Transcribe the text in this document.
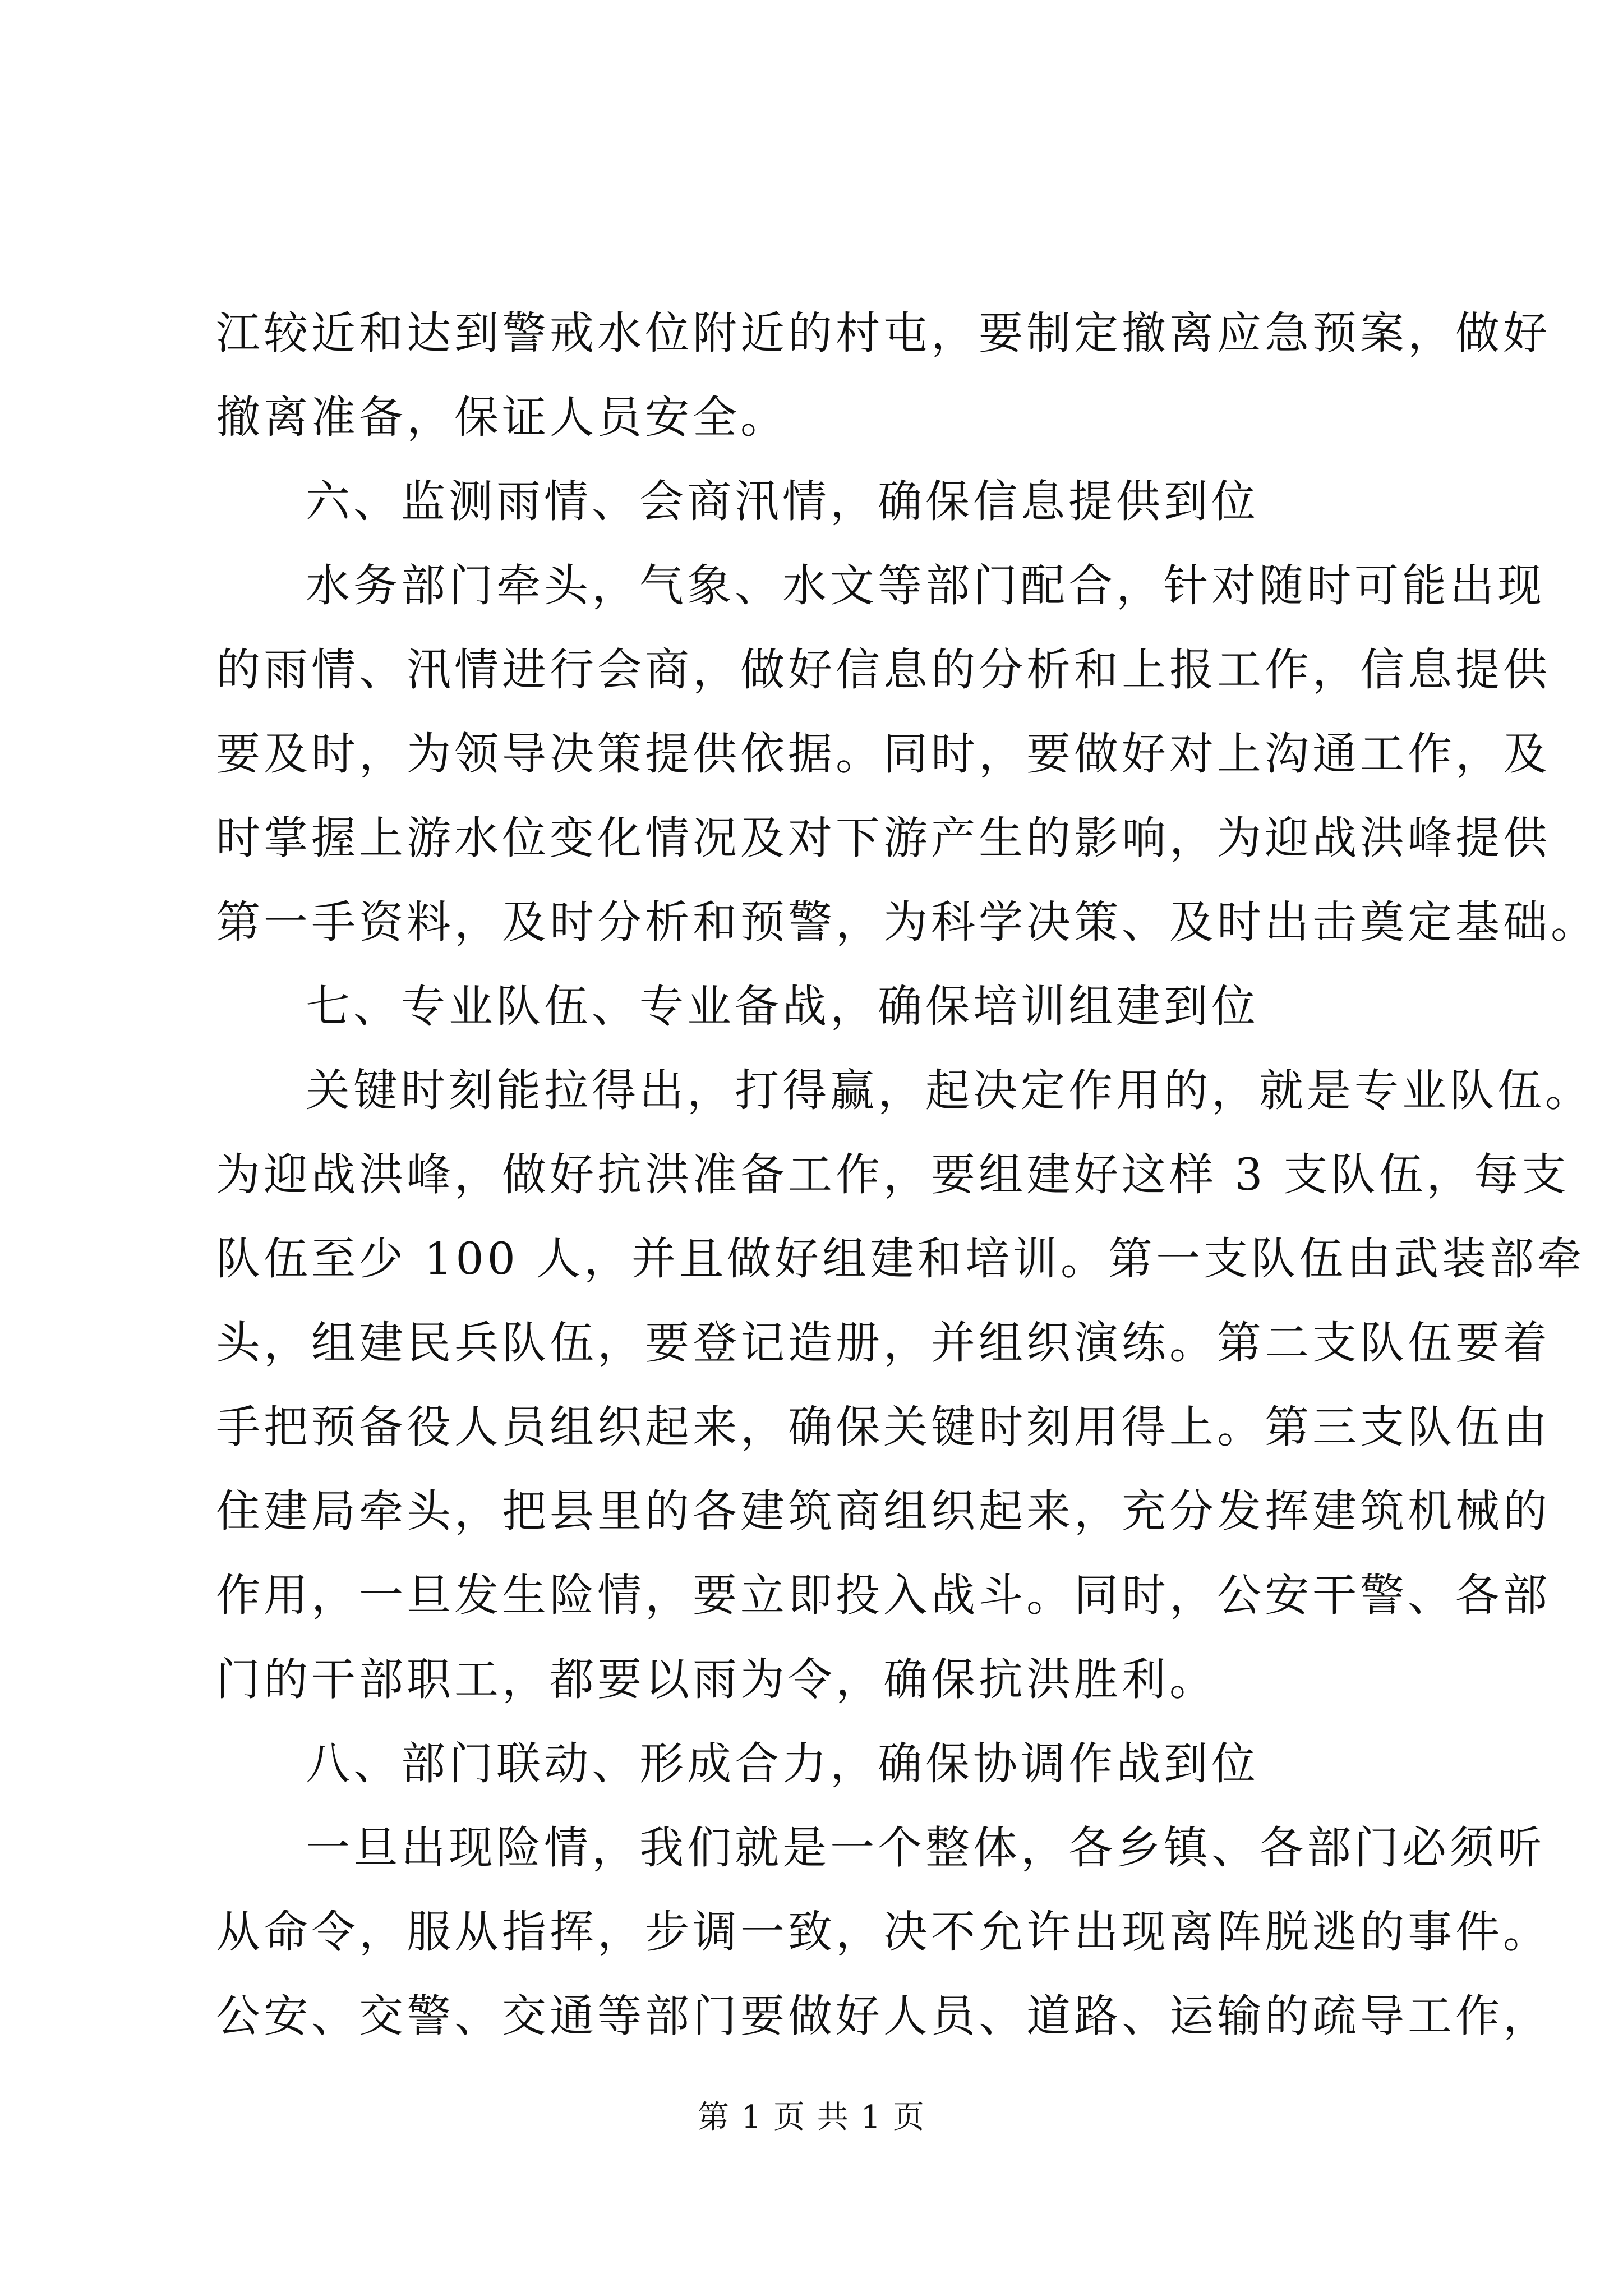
江较近和达到警戒水位附近的村屯，要制定撤离应急预案，做好
撤离准备，保证人员安全。
六、监测雨情、会商汛情，确保信息提供到位
水务部门牵头，气象、水文等部门配合，针对随时可能出现
的雨情、汛情进行会商，做好信息的分析和上报工作，信息提供
要及时，为领导决策提供依据。同时，要做好对上沟通工作，及
时掌握上游水位变化情况及对下游产生的影响，为迎战洪峰提供
第一手资料，及时分析和预警，为科学决策、及时出击奠定基础。
七、专业队伍、专业备战，确保培训组建到位
关键时刻能拉得出，打得赢，起决定作用的，就是专业队伍。
为迎战洪峰，做好抗洪准备工作，要组建好这样 3 支队伍，每支
队伍至少 100 人，并且做好组建和培训。第一支队伍由武装部牵
头，组建民兵队伍，要登记造册，并组织演练。第二支队伍要着
手把预备役人员组织起来，确保关键时刻用得上。第三支队伍由
住建局牵头，把县里的各建筑商组织起来，充分发挥建筑机械的
作用，一旦发生险情，要立即投入战斗。同时，公安干警、各部
门的干部职工，都要以雨为令，确保抗洪胜利。
八、部门联动、形成合力，确保协调作战到位
一旦出现险情，我们就是一个整体，各乡镇、各部门必须听
从命令，服从指挥，步调一致，决不允许出现离阵脱逃的事件。
公安、交警、交通等部门要做好人员、道路、运输的疏导工作，
第 1 页 共 1 页
